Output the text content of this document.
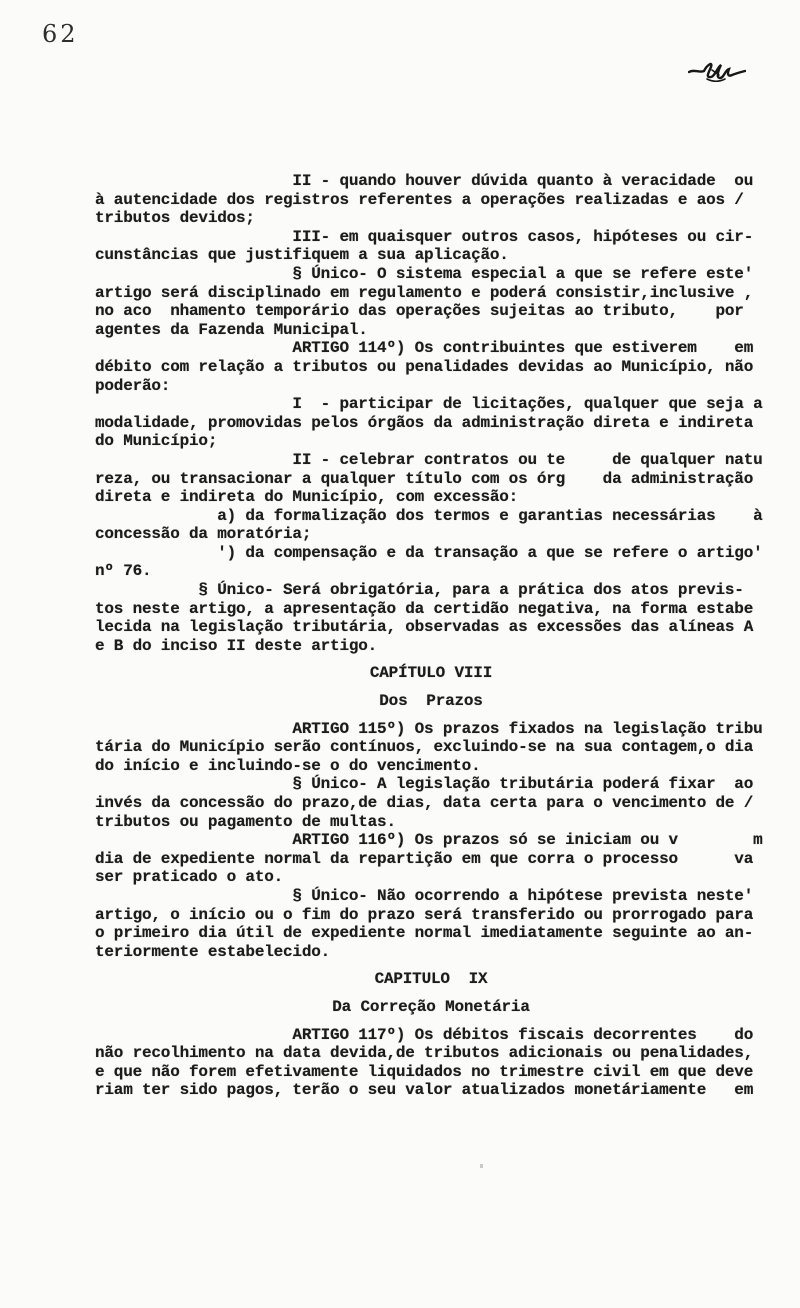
62
II - quando houver dúvida quanto à veracidade  ou
à autencidade dos registros referentes a operações realizadas e aos /
tributos devidos;
III- em quaisquer outros casos, hipóteses ou cir-
cunstâncias que justifiquem a sua aplicação.
§ Único- O sistema especial a que se refere este'
artigo será disciplinado em regulamento e poderá consistir,inclusive ,
no aco  nhamento temporário das operações sujeitas ao tributo,    por
agentes da Fazenda Municipal.
ARTIGO 114º) Os contribuintes que estiverem    em
débito com relação a tributos ou penalidades devidas ao Município, não
poderão:
I  - participar de licitações, qualquer que seja a
modalidade, promovidas pelos órgãos da administração direta e indireta
do Município;
II - celebrar contratos ou te     de qualquer natu
reza, ou transacionar a qualquer título com os órg    da administração
direta e indireta do Município, com excessão:
a) da formalização dos termos e garantias necessárias    à
concessão da moratória;
') da compensação e da transação a que se refere o artigo'
nº 76.
§ Único- Será obrigatória, para a prática dos atos previs-
tos neste artigo, a apresentação da certidão negativa, na forma estabe
lecida na legislação tributária, observadas as excessões das alíneas A
e B do inciso II deste artigo.
CAPÍTULO VIII
Dos  Prazos
ARTIGO 115º) Os prazos fixados na legislação tribu
tária do Município serão contínuos, excluindo-se na sua contagem,o dia
do início e incluindo-se o do vencimento.
§ Único- A legislação tributária poderá fixar  ao
invés da concessão do prazo,de dias, data certa para o vencimento de /
tributos ou pagamento de multas.
ARTIGO 116º) Os prazos só se iniciam ou v        m
dia de expediente normal da repartição em que corra o processo      va
ser praticado o ato.
§ Único- Não ocorrendo a hipótese prevista neste'
artigo, o início ou o fim do prazo será transferido ou prorrogado para
o primeiro dia útil de expediente normal imediatamente seguinte ao an-
teriormente estabelecido.
CAPITULO  IX
Da Correção Monetária
ARTIGO 117º) Os débitos fiscais decorrentes    do
não recolhimento na data devida,de tributos adicionais ou penalidades,
e que não forem efetivamente liquidados no trimestre civil em que deve
riam ter sido pagos, terão o seu valor atualizados monetáriamente   em
